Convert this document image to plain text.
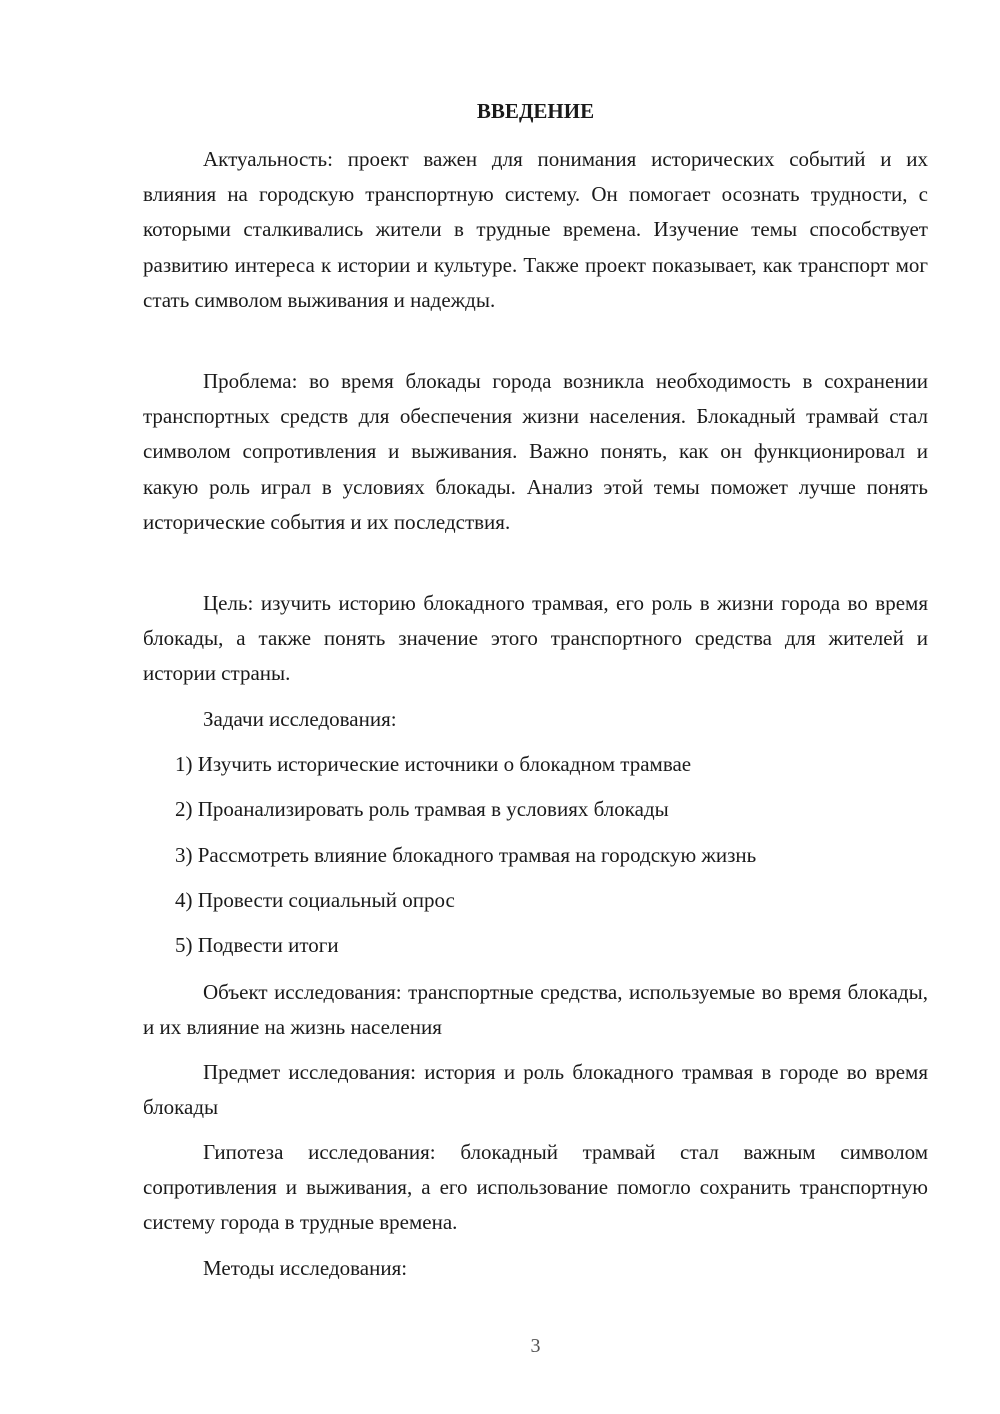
ВВЕДЕНИЕ

Актуальность: проект важен для понимания исторических событий и их влияния на городскую транспортную систему. Он помогает осознать трудности, с которыми сталкивались жители в трудные времена. Изучение темы способствует развитию интереса к истории и культуре. Также проект показывает, как транспорт мог стать символом выживания и надежды.

Проблема: во время блокады города возникла необходимость в сохранении транспортных средств для обеспечения жизни населения. Блокадный трамвай стал символом сопротивления и выживания. Важно понять, как он функционировал и какую роль играл в условиях блокады. Анализ этой темы поможет лучше понять исторические события и их последствия.

Цель: изучить историю блокадного трамвая, его роль в жизни города во время блокады, а также понять значение этого транспортного средства для жителей и истории страны.

Задачи исследования:

1) Изучить исторические источники о блокадном трамвае

2) Проанализировать роль трамвая в условиях блокады

3) Рассмотреть влияние блокадного трамвая на городскую жизнь

4) Провести социальный опрос

5) Подвести итоги

Объект исследования: транспортные средства, используемые во время блокады, и их влияние на жизнь населения

Предмет исследования: история и роль блокадного трамвая в городе во время блокады

Гипотеза исследования: блокадный трамвай стал важным символом сопротивления и выживания, а его использование помогло сохранить транспортную систему города в трудные времена.

Методы исследования:

3
